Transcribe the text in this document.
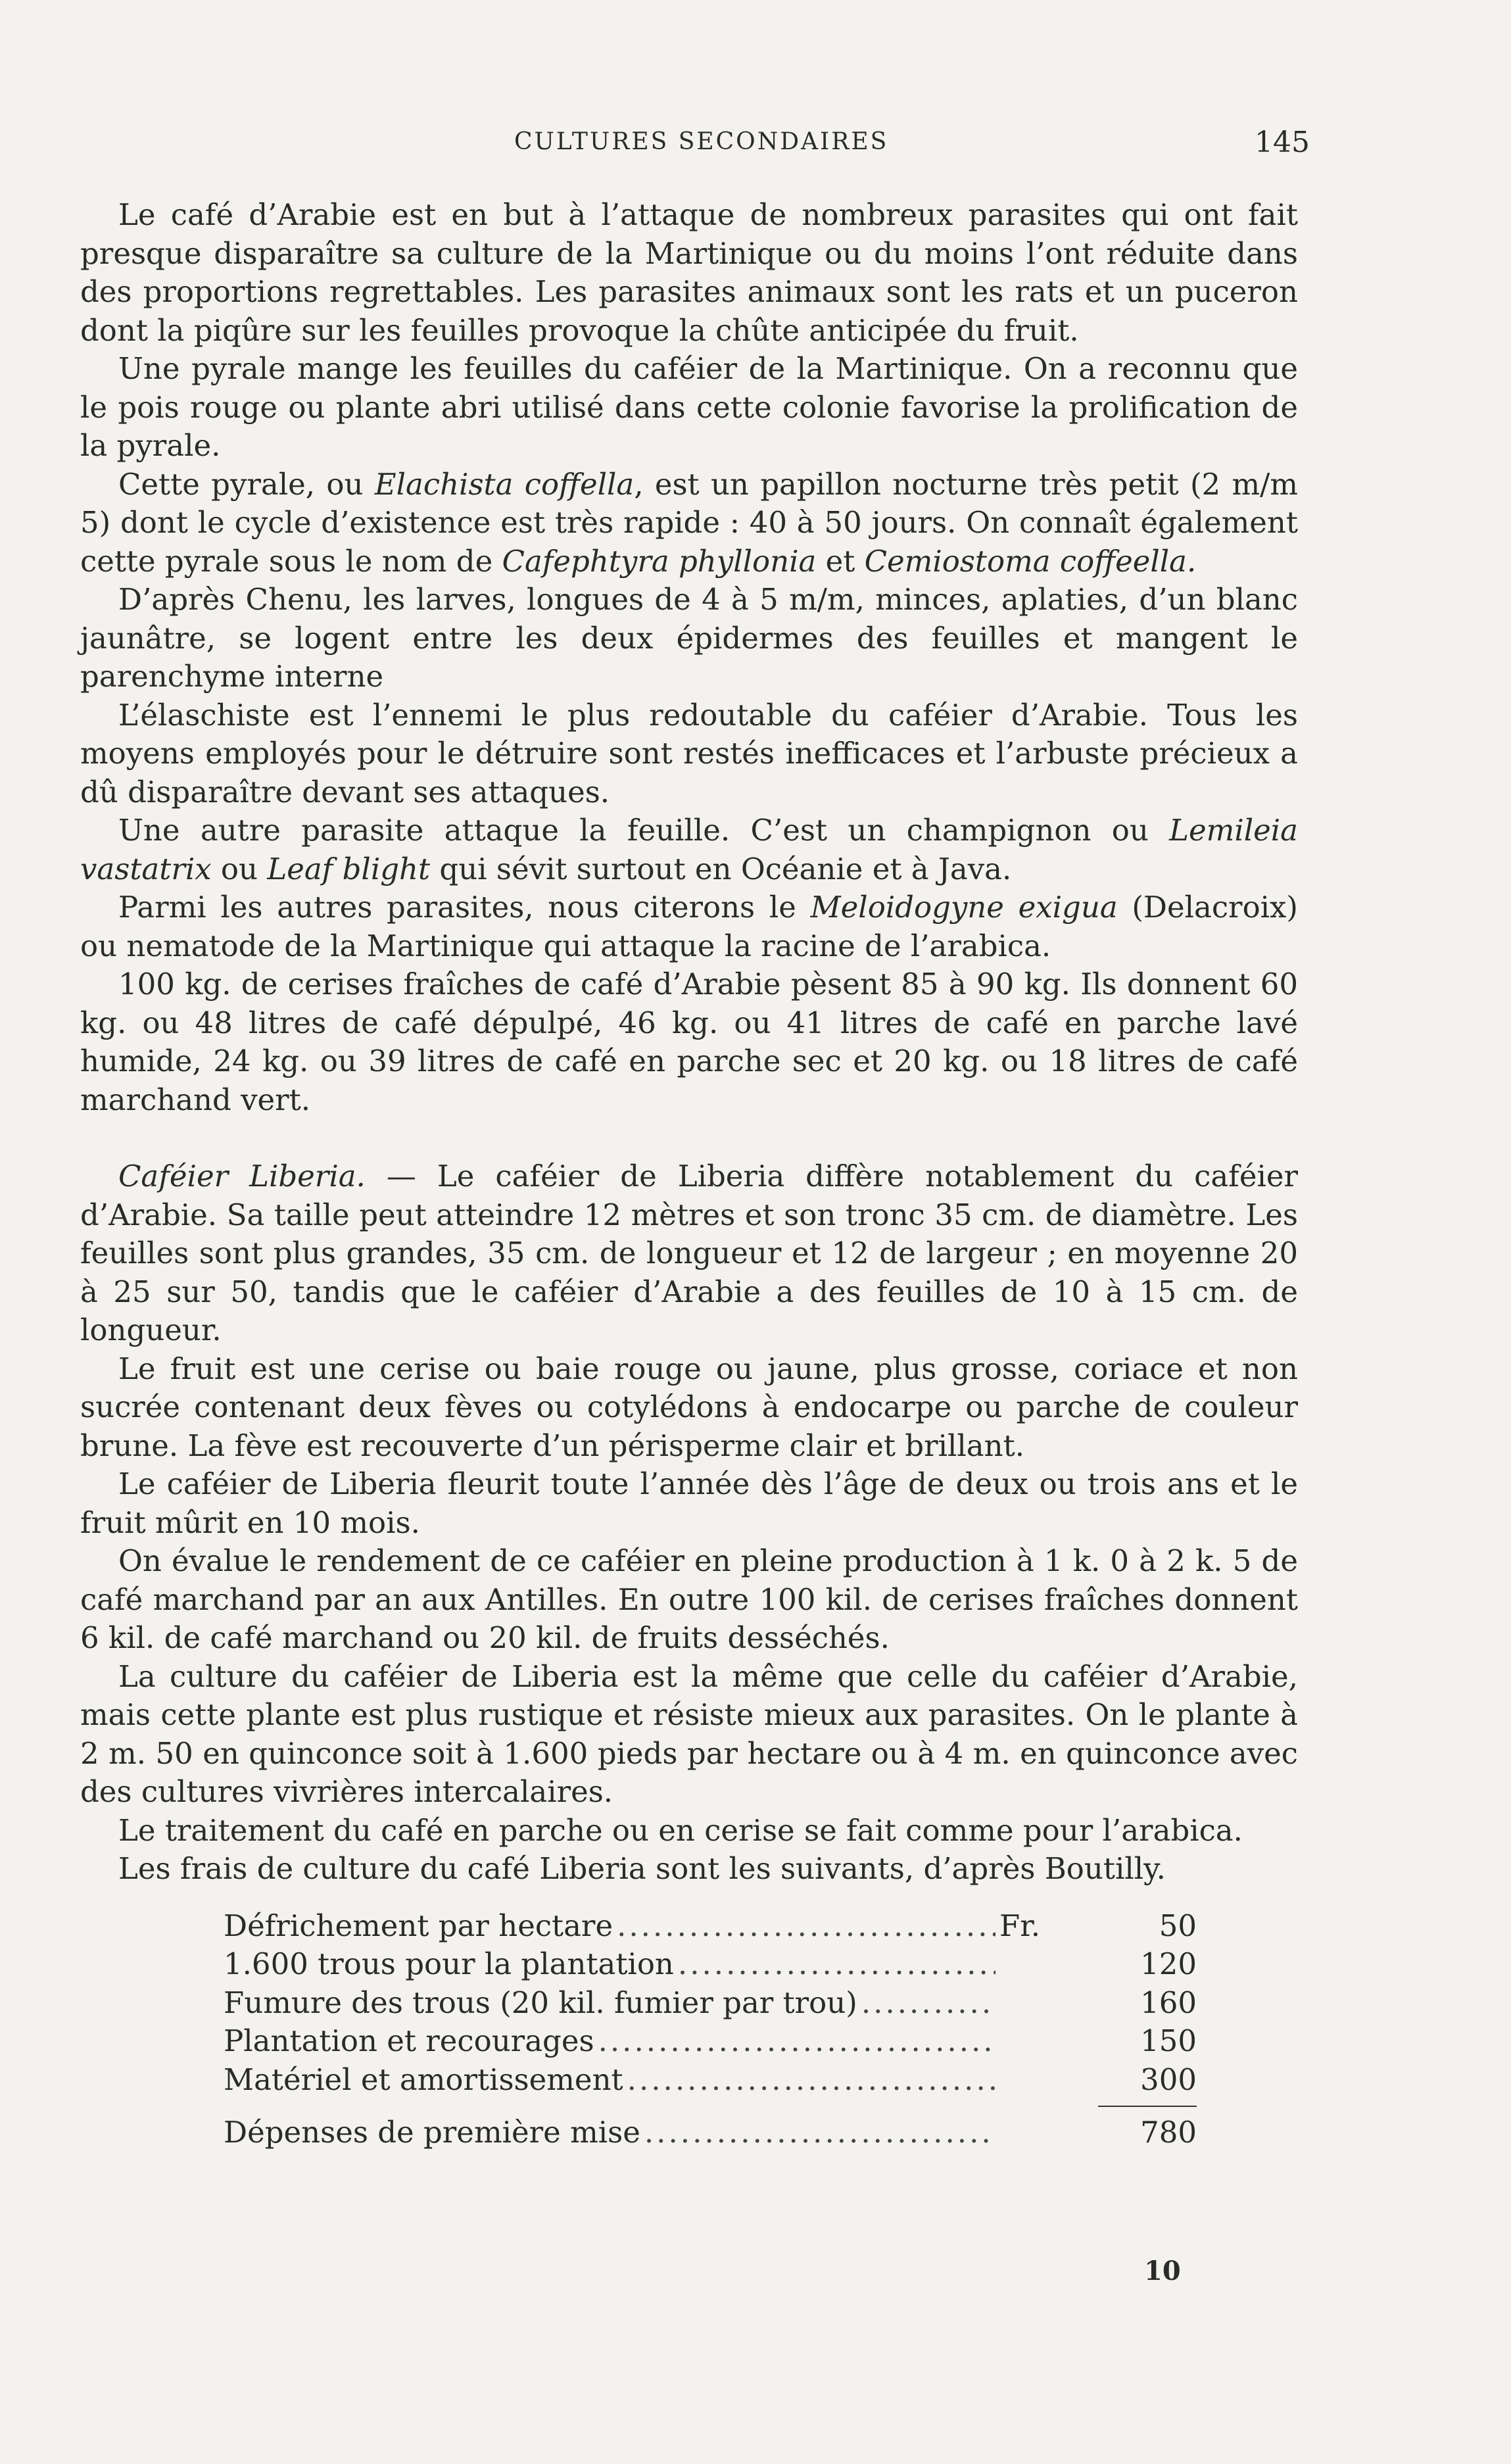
CULTURES SECONDAIRES	145

Le café d’Arabie est en but à l’attaque de nombreux parasites qui ont fait presque disparaître sa culture de la Martinique ou du moins l’ont réduite dans des proportions regrettables. Les parasites animaux sont les rats et un puceron dont la piqûre sur les feuilles provoque la chûte anticipée du fruit.

Une pyrale mange les feuilles du caféier de la Martinique. On a reconnu que le pois rouge ou plante abri utilisé dans cette colonie favorise la prolification de la pyrale.

Cette pyrale, ou Elachista coffella, est un papillon nocturne très petit (2 m/m 5) dont le cycle d’existence est très rapide : 40 à 50 jours. On connaît également cette pyrale sous le nom de Cafephtyra phyllonia et Cemiostoma coffeella.

D’après Chenu, les larves, longues de 4 à 5 m/m, minces, aplaties, d’un blanc jaunâtre, se logent entre les deux épidermes des feuilles et mangent le parenchyme interne

L’élaschiste est l’ennemi le plus redoutable du caféier d’Arabie. Tous les moyens employés pour le détruire sont restés inefficaces et l’arbuste précieux a dû disparaître devant ses attaques.

Une autre parasite attaque la feuille. C’est un champignon ou Lemileia vastatrix ou Leaf blight qui sévit surtout en Océanie et à Java.

Parmi les autres parasites, nous citerons le Meloidogyne exigua (Delacroix) ou nematode de la Martinique qui attaque la racine de l’arabica.

100 kg. de cerises fraîches de café d’Arabie pèsent 85 à 90 kg. Ils donnent 60 kg. ou 48 litres de café dépulpé, 46 kg. ou 41 litres de café en parche lavé humide, 24 kg. ou 39 litres de café en parche sec et 20 kg. ou 18 litres de café marchand vert.

Caféier Liberia. — Le caféier de Liberia diffère notablement du caféier d’Arabie. Sa taille peut atteindre 12 mètres et son tronc 35 cm. de diamètre. Les feuilles sont plus grandes, 35 cm. de longueur et 12 de largeur ; en moyenne 20 à 25 sur 50, tandis que le caféier d’Arabie a des feuilles de 10 à 15 cm. de longueur.

Le fruit est une cerise ou baie rouge ou jaune, plus grosse, coriace et non sucrée contenant deux fèves ou cotylédons à endocarpe ou parche de couleur brune. La fève est recouverte d’un périsperme clair et brillant.

Le caféier de Liberia fleurit toute l’année dès l’âge de deux ou trois ans et le fruit mûrit en 10 mois.

On évalue le rendement de ce caféier en pleine production à 1 k. 0 à 2 k. 5 de café marchand par an aux Antilles. En outre 100 kil. de cerises fraîches donnent 6 kil. de café marchand ou 20 kil. de fruits desséchés.

La culture du caféier de Liberia est la même que celle du caféier d’Arabie, mais cette plante est plus rustique et résiste mieux aux parasites. On le plante à 2 m. 50 en quinconce soit à 1.600 pieds par hectare ou à 4 m. en quinconce avec des cultures vivrières intercalaires.

Le traitement du café en parche ou en cerise se fait comme pour l’arabica.

Les frais de culture du café Liberia sont les suivants, d’après Boutilly.

Défrichement par hectare .....	Fr.	50
1.600 trous pour la plantation .....	120
Fumure des trous (20 kil. fumier par trou) .....	160
Plantation et recourages .....	150
Matériel et amortissement .....	300
Dépenses de première mise .....	780
10
